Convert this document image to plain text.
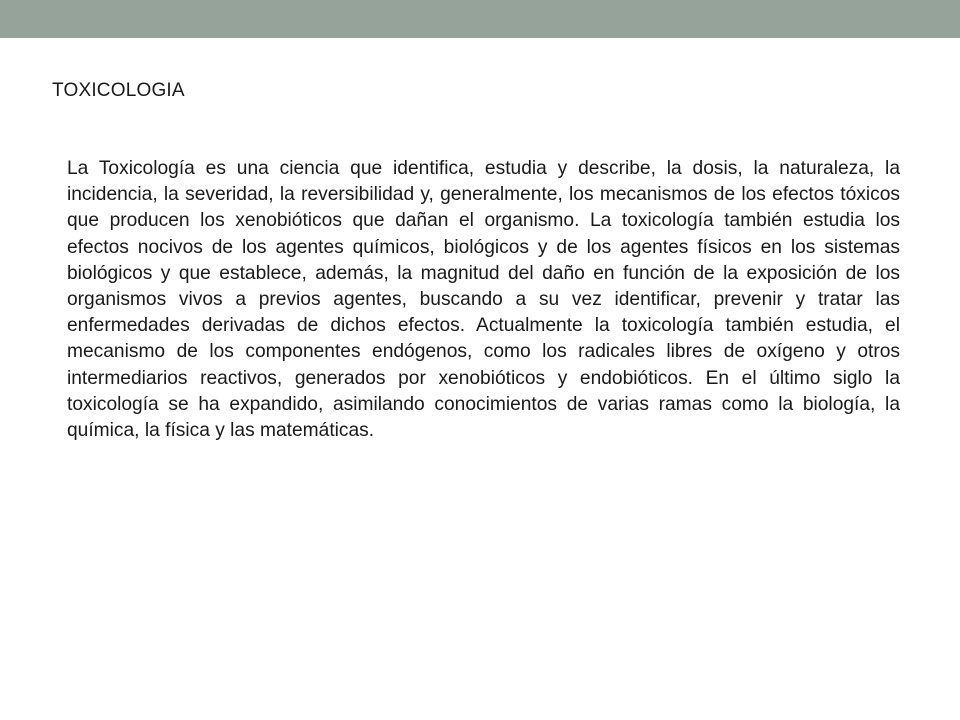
TOXICOLOGIA

La Toxicología es una ciencia que identifica, estudia y describe, la dosis, la naturaleza, la incidencia, la severidad, la reversibilidad y, generalmente, los mecanismos de los efectos tóxicos que producen los xenobióticos que dañan el organismo. La toxicología también estudia los efectos nocivos de los agentes químicos, biológicos y de los agentes físicos en los sistemas biológicos y que establece, además, la magnitud del daño en función de la exposición de los organismos vivos a previos agentes, buscando a su vez identificar, prevenir y tratar las enfermedades derivadas de dichos efectos. Actualmente la toxicología también estudia, el mecanismo de los componentes endógenos, como los radicales libres de oxígeno y otros intermediarios reactivos, generados por xenobióticos y endobióticos. En el último siglo la toxicología se ha expandido, asimilando conocimientos de varias ramas como la biología, la química, la física y las matemáticas.
